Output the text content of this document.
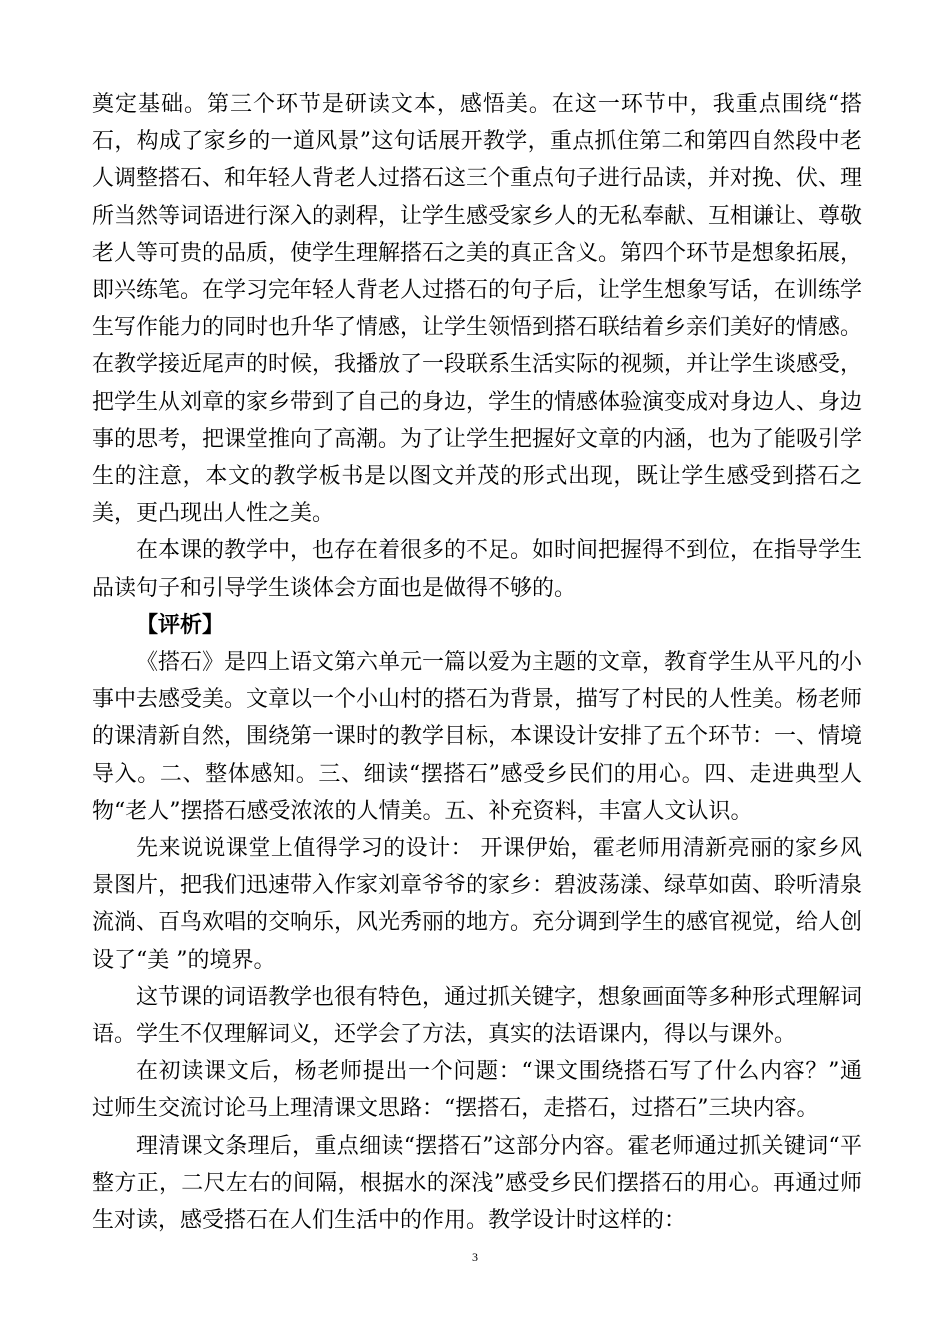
奠定基础。第三个环节是研读文本，感悟美。在这一环节中，我重点围绕“搭石，构成了家乡的一道风景”这句话展开教学，重点抓住第二和第四自然段中老人调整搭石、和年轻人背老人过搭石这三个重点句子进行品读，并对挽、伏、理所当然等词语进行深入的剥稈，让学生感受家乡人的无私奉献、互相谦让、尊敬老人等可贵的品质，使学生理解搭石之美的真正含义。第四个环节是想象拓展，即兴练笔。在学习完年轻人背老人过搭石的句子后，让学生想象写话，在训练学生写作能力的同时也升华了情感，让学生领悟到搭石联结着乡亲们美好的情感。在教学接近尾声的时候，我播放了一段联系生活实际的视频，并让学生谈感受，把学生从刘章的家乡带到了自己的身边，学生的情感体验演变成对身边人、身边事的思考，把课堂推向了高潮。为了让学生把握好文章的内涵，也为了能吸引学生的注意，本文的教学板书是以图文并茂的形式出现，既让学生感受到搭石之美，更凸现出人性之美。

在本课的教学中，也存在着很多的不足。如时间把握得不到位，在指导学生品读句子和引导学生谈体会方面也是做得不够的。

【评析】

《搭石》是四上语文第六单元一篇以爱为主题的文章，教育学生从平凡的小事中去感受美。文章以一个小山村的搭石为背景，描写了村民的人性美。杨老师的课清新自然，围绕第一课时的教学目标，本课设计安排了五个环节：一、情境导入。二、整体感知。三、细读“摆搭石”感受乡民们的用心。四、走进典型人物“老人”摆搭石感受浓浓的人情美。五、补充资料，丰富人文认识。

先来说说课堂上值得学习的设计： 开课伊始，霍老师用清新亮丽的家乡风景图片，把我们迅速带入作家刘章爷爷的家乡：碧波荡漾、绿草如茵、聆听清泉流淌、百鸟欢唱的交响乐，风光秀丽的地方。充分调到学生的感官视觉，给人创设了“美 ”的境界。

这节课的词语教学也很有特色，通过抓关键字，想象画面等多种形式理解词语。学生不仅理解词义，还学会了方法，真实的法语课内，得以与课外。

在初读课文后，杨老师提出一个问题：“课文围绕搭石写了什么内容？”通过师生交流讨论马上理清课文思路：“摆搭石，走搭石，过搭石”三块内容。

理清课文条理后，重点细读“摆搭石”这部分内容。霍老师通过抓关键词“平整方正，二尺左右的间隔，根据水的深浅”感受乡民们摆搭石的用心。再通过师生对读，感受搭石在人们生活中的作用。教学设计时这样的：

3
